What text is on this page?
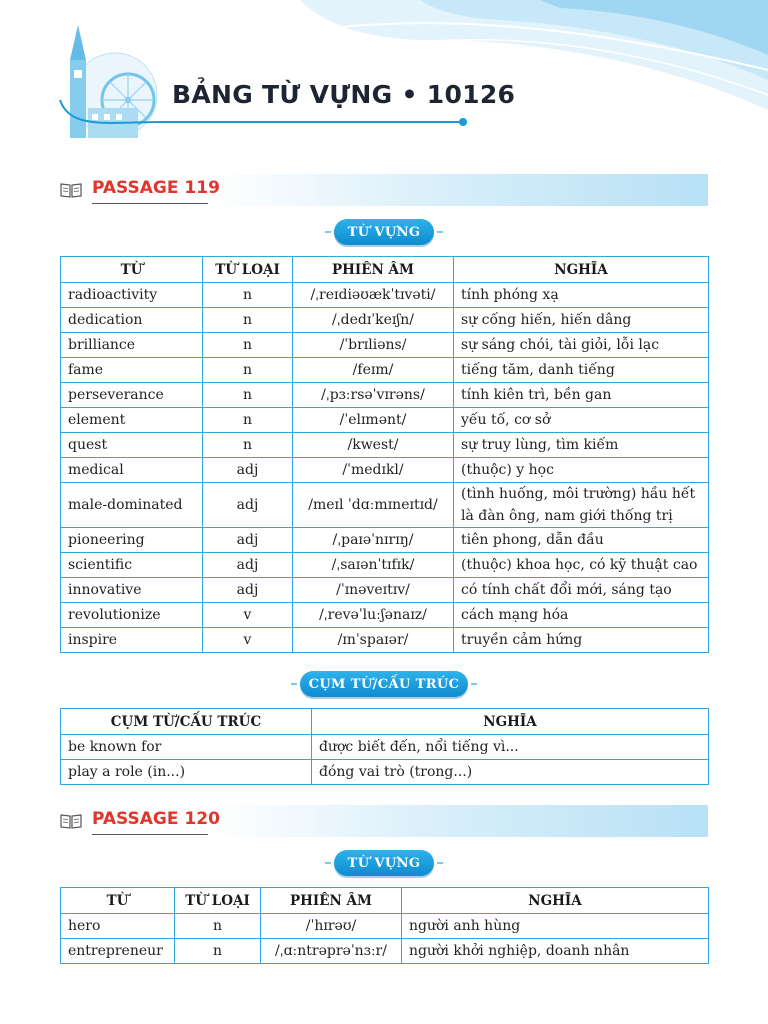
BẢNG TỪ VỰNG • 10126
PASSAGE 119
TỪ VỰNG
TỪ	TỪ LOẠI	PHIÊN ÂM	NGHĨA
radioactivity	n	/ˌreɪdiəʊækˈtɪvəti/	tính phóng xạ
dedication	n	/ˌdedɪˈkeɪʃn/	sự cống hiến, hiến dâng
brilliance	n	/ˈbrɪliəns/	sự sáng chói, tài giỏi, lỗi lạc
fame	n	/feɪm/	tiếng tăm, danh tiếng
perseverance	n	/ˌpɜːrsəˈvɪrəns/	tính kiên trì, bền gan
element	n	/ˈelɪmənt/	yếu tố, cơ sở
quest	n	/kwest/	sự truy lùng, tìm kiếm
medical	adj	/ˈmedɪkl/	(thuộc) y học
male-dominated	adj	/meɪl ˈdɑːmɪneɪtɪd/	(tình huống, môi trường) hầu hết là đàn ông, nam giới thống trị
pioneering	adj	/ˌpaɪəˈnɪrɪŋ/	tiên phong, dẫn đầu
scientific	adj	/ˌsaɪənˈtɪfɪk/	(thuộc) khoa học, có kỹ thuật cao
innovative	adj	/ˈɪnəveɪtɪv/	có tính chất đổi mới, sáng tạo
revolutionize	v	/ˌrevəˈluːʃənaɪz/	cách mạng hóa
inspire	v	/ɪnˈspaɪər/	truyền cảm hứng
CỤM TỪ/CẤU TRÚC
CỤM TỪ/CẤU TRÚC	NGHĨA
be known for	được biết đến, nổi tiếng vì...
play a role (in...)	đóng vai trò (trong...)
PASSAGE 120
TỪ VỰNG
TỪ	TỪ LOẠI	PHIÊN ÂM	NGHĨA
hero	n	/ˈhɪrəʊ/	người anh hùng
entrepreneur	n	/ˌɑːntrəprəˈnɜːr/	người khởi nghiệp, doanh nhân
